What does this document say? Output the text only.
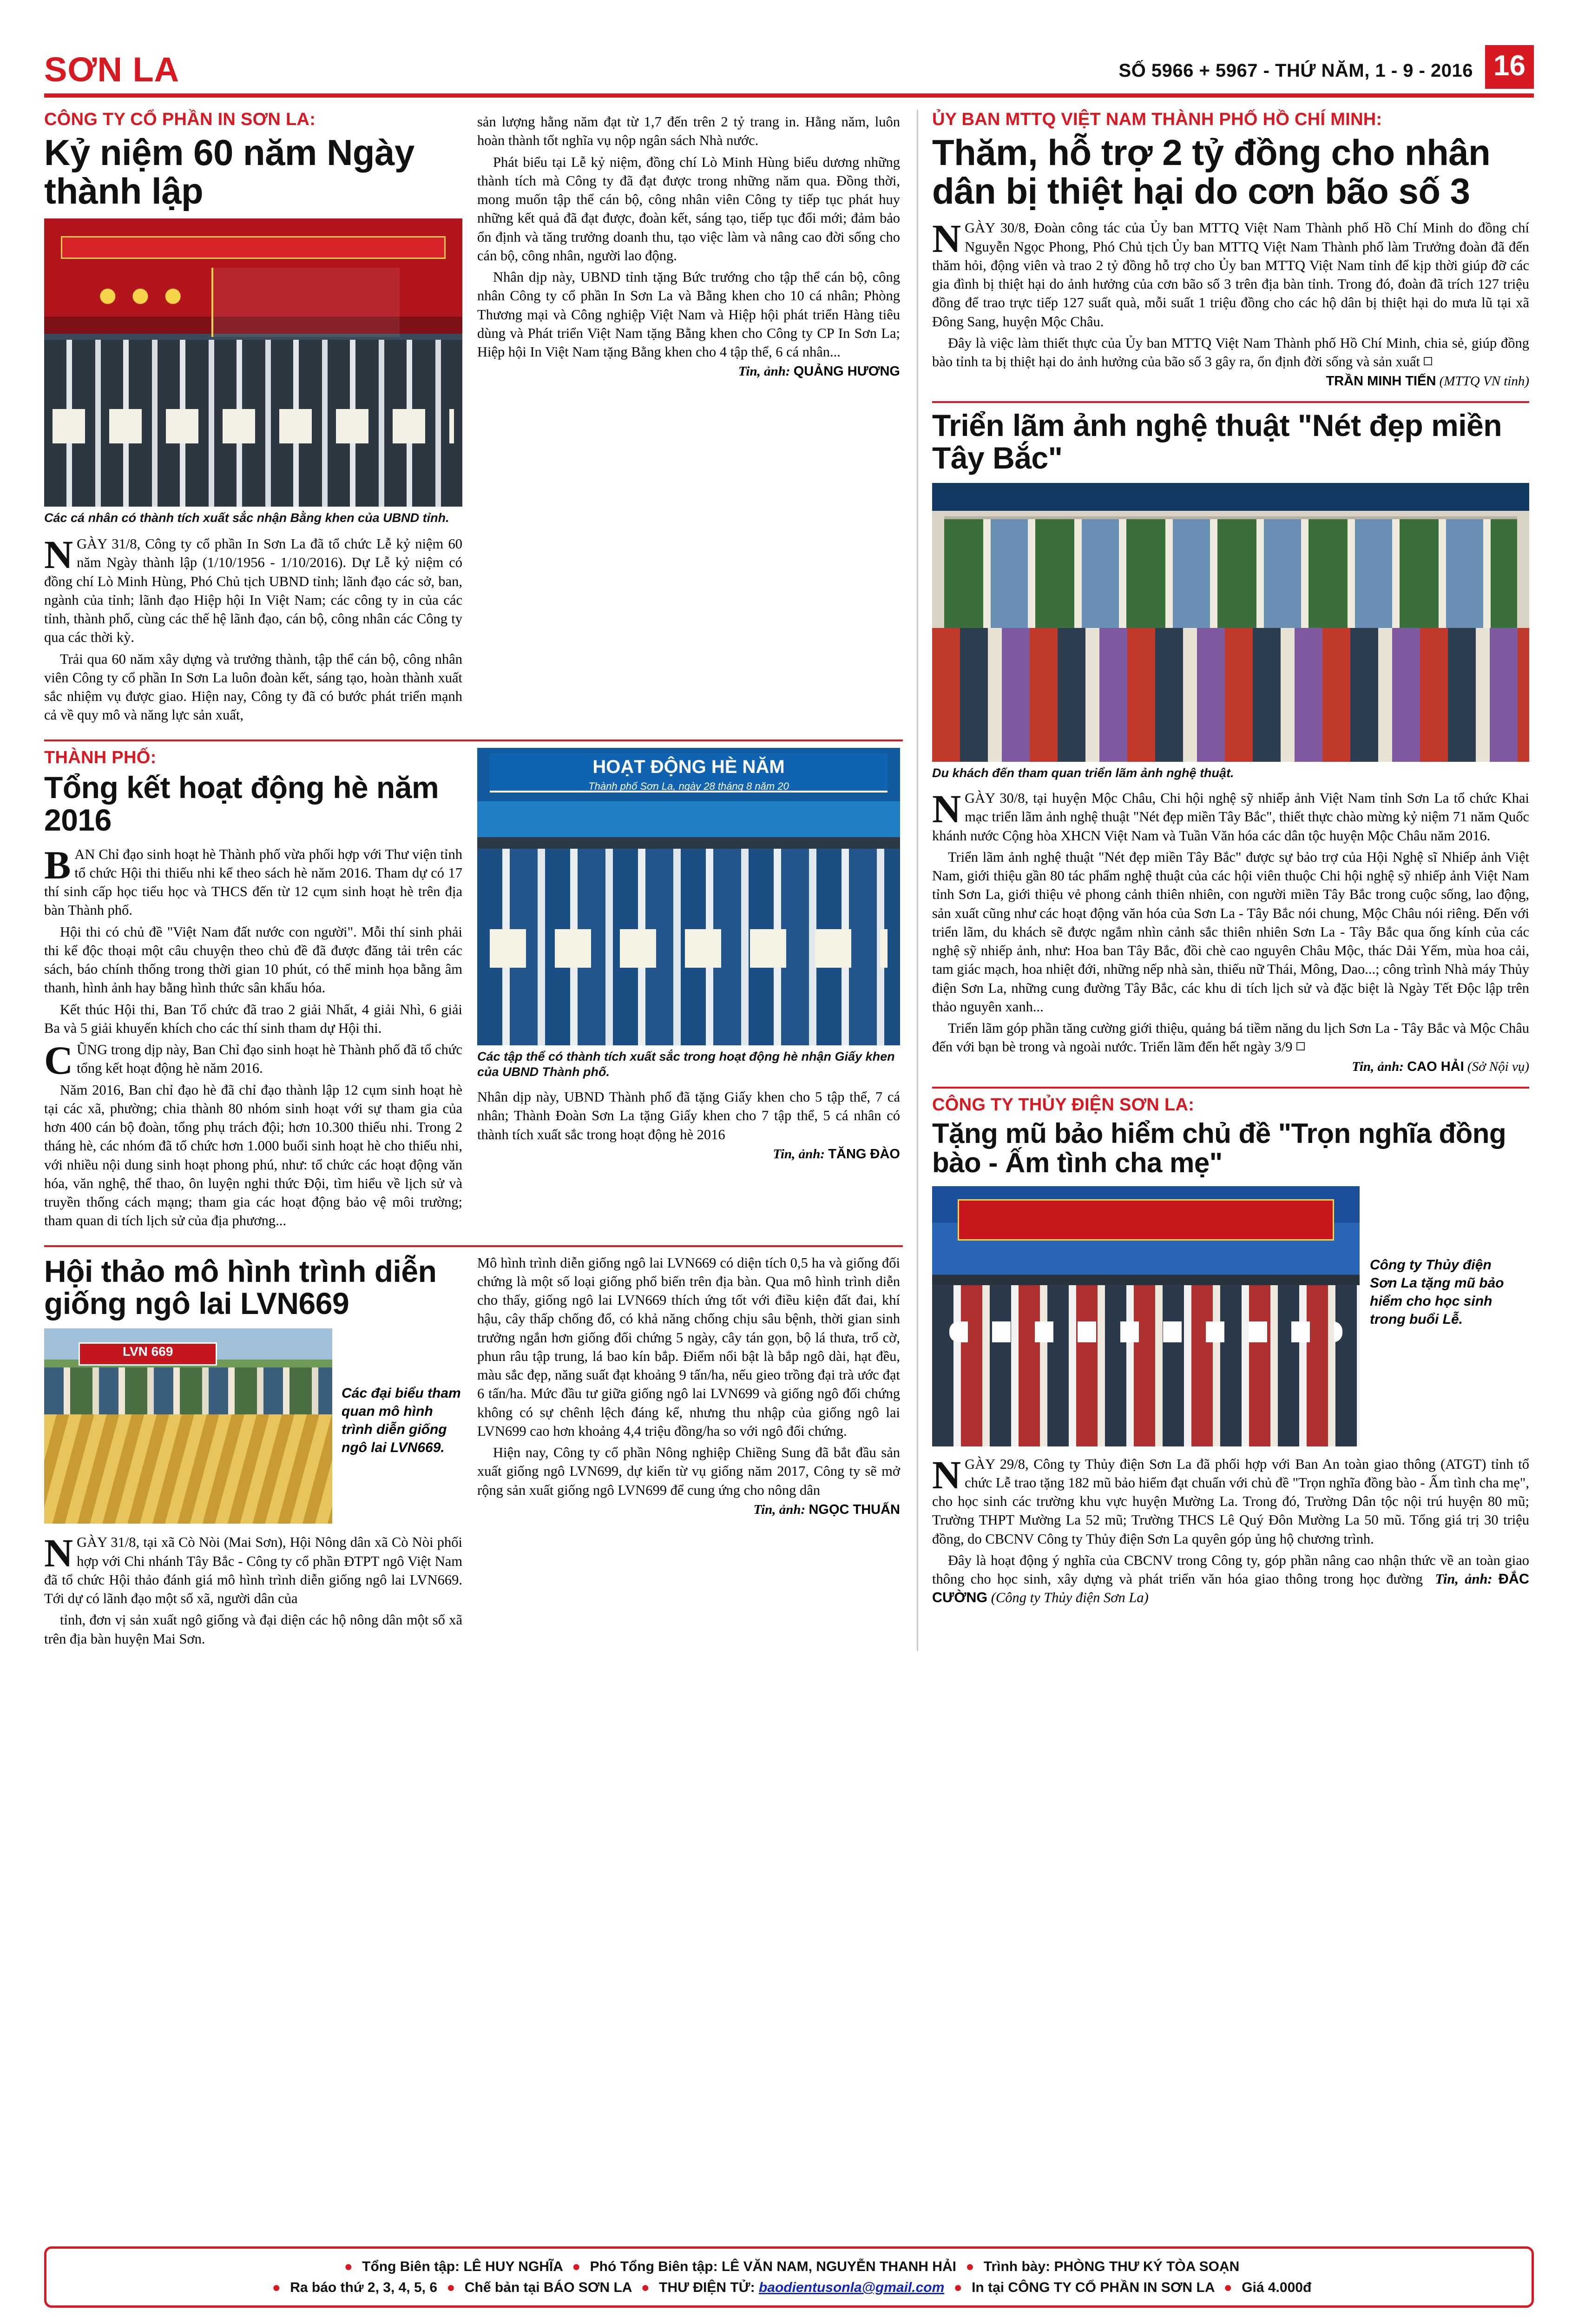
SƠN LA	SỐ 5966 + 5967 - THỨ NĂM, 1 - 9 - 2016 16
CÔNG TY CỔ PHẦN IN SƠN LA:
Kỷ niệm 60 năm Ngày thành lập
Các cá nhân có thành tích xuất sắc nhận Bằng khen của UBND tỉnh.

NGÀY 31/8, Công ty cổ phần In Sơn La đã tổ chức Lễ kỷ niệm 60 năm Ngày thành lập (1/10/1956 - 1/10/2016). Dự Lễ kỷ niệm có đồng chí Lò Minh Hùng, Phó Chủ tịch UBND tỉnh; lãnh đạo các sở, ban, ngành của tỉnh; lãnh đạo Hiệp hội In Việt Nam; các công ty in của các tỉnh, thành phố, cùng các thế hệ lãnh đạo, cán bộ, công nhân các Công ty qua các thời kỳ.

Trải qua 60 năm xây dựng và trưởng thành, tập thể cán bộ, công nhân viên Công ty cổ phần In Sơn La luôn đoàn kết, sáng tạo, hoàn thành xuất sắc nhiệm vụ được giao. Hiện nay, Công ty đã có bước phát triển mạnh cả về quy mô và năng lực sản xuất,

sản lượng hằng năm đạt từ 1,7 đến trên 2 tỷ trang in. Hằng năm, luôn hoàn thành tốt nghĩa vụ nộp ngân sách Nhà nước.

Phát biểu tại Lễ kỷ niệm, đồng chí Lò Minh Hùng biểu dương những thành tích mà Công ty đã đạt được trong những năm qua. Đồng thời, mong muốn tập thể cán bộ, công nhân viên Công ty tiếp tục phát huy những kết quả đã đạt được, đoàn kết, sáng tạo, tiếp tục đổi mới; đảm bảo ổn định và tăng trưởng doanh thu, tạo việc làm và nâng cao đời sống cho cán bộ, công nhân, người lao động.

Nhân dịp này, UBND tỉnh tặng Bức trướng cho tập thể cán bộ, công nhân Công ty cổ phần In Sơn La và Bằng khen cho 10 cá nhân; Phòng Thương mại và Công nghiệp Việt Nam và Hiệp hội phát triển Hàng tiêu dùng và Phát triển Việt Nam tặng Bằng khen cho Công ty CP In Sơn La; Hiệp hội In Việt Nam tặng Bằng khen cho 4 tập thể, 6 cá nhân...

Tin, ảnh: QUẢNG HƯƠNG
THÀNH PHỐ:
Tổng kết hoạt động hè năm 2016

BAN Chỉ đạo sinh hoạt hè Thành phố vừa phối hợp với Thư viện tỉnh tổ chức Hội thi thiếu nhi kể theo sách hè năm 2016. Tham dự có 17 thí sinh cấp học tiểu học và THCS đến từ 12 cụm sinh hoạt hè trên địa bàn Thành phố.

Hội thi có chủ đề "Việt Nam đất nước con người". Mỗi thí sinh phải thi kể độc thoại một câu chuyện theo chủ đề đã được đăng tải trên các sách, báo chính thống trong thời gian 10 phút, có thể minh họa bằng âm thanh, hình ảnh hay bằng hình thức sân khấu hóa.

Kết thúc Hội thi, Ban Tổ chức đã trao 2 giải Nhất, 4 giải Nhì, 6 giải Ba và 5 giải khuyến khích cho các thí sinh tham dự Hội thi.

CŨNG trong dịp này, Ban Chỉ đạo sinh hoạt hè Thành phố đã tổ chức tổng kết hoạt động hè năm 2016.

Năm 2016, Ban chỉ đạo hè đã chỉ đạo thành lập 12 cụm sinh hoạt hè tại các xã, phường; chia thành 80 nhóm sinh hoạt với sự tham gia của hơn 400 cán bộ đoàn, tổng phụ trách đội; hơn 10.300 thiếu nhi. Trong 2 tháng hè, các nhóm đã tổ chức hơn 1.000 buổi sinh hoạt hè cho thiếu nhi, với nhiều nội dung sinh hoạt phong phú, như: tổ chức các hoạt động văn hóa, văn nghệ, thể thao, ôn luyện nghi thức Đội, tìm hiểu về lịch sử và truyền thống cách mạng; tham gia các hoạt động bảo vệ môi trường; tham quan di tích lịch sử của địa phương...

HOẠT ĐỘNG HÈ NĂM
Thành phố Sơn La, ngày 28 tháng 8 năm 20
Các tập thể có thành tích xuất sắc trong hoạt động hè nhận Giấy khen của UBND Thành phố.

Nhân dịp này, UBND Thành phố đã tặng Giấy khen cho 5 tập thể, 7 cá nhân; Thành Đoàn Sơn La tặng Giấy khen cho 7 tập thể, 5 cá nhân có thành tích xuất sắc trong hoạt động hè 2016

Tin, ảnh: TĂNG ĐÀO
Hội thảo mô hình trình diễn giống ngô lai LVN669
LVN 669
Các đại biểu tham quan mô hình trình diễn giống ngô lai LVN669.

NGÀY 31/8, tại xã Cò Nòi (Mai Sơn), Hội Nông dân xã Cò Nòi phối hợp với Chi nhánh Tây Bắc - Công ty cổ phần ĐTPT ngô Việt Nam đã tổ chức Hội thảo đánh giá mô hình trình diễn giống ngô lai LVN669. Tới dự có lãnh đạo một số xã, người dân của

tỉnh, đơn vị sản xuất ngô giống và đại diện các hộ nông dân một số xã trên địa bàn huyện Mai Sơn.

Mô hình trình diễn giống ngô lai LVN669 có diện tích 0,5 ha và giống đối chứng là một số loại giống phổ biến trên địa bàn. Qua mô hình trình diễn cho thấy, giống ngô lai LVN669 thích ứng tốt với điều kiện đất đai, khí hậu, cây thấp chống đổ, có khả năng chống chịu sâu bệnh, thời gian sinh trưởng ngắn hơn giống đối chứng 5 ngày, cây tán gọn, bộ lá thưa, trổ cờ, phun râu tập trung, lá bao kín bắp. Điểm nổi bật là bắp ngô dài, hạt đều, màu sắc đẹp, năng suất đạt khoảng 9 tấn/ha, nếu gieo trồng đại trà ước đạt 6 tấn/ha. Mức đầu tư giữa giống ngô lai LVN699 và giống ngô đối chứng không có sự chênh lệch đáng kể, nhưng thu nhập của giống ngô lai LVN699 cao hơn khoảng 4,4 triệu đồng/ha so với ngô đối chứng.

Hiện nay, Công ty cổ phần Nông nghiệp Chiềng Sung đã bắt đầu sản xuất giống ngô LVN699, dự kiến từ vụ giống năm 2017, Công ty sẽ mở rộng sản xuất giống ngô LVN699 để cung ứng cho nông dân

Tin, ảnh: NGỌC THUẤN
ỦY BAN MTTQ VIỆT NAM THÀNH PHỐ HỒ CHÍ MINH:
Thăm, hỗ trợ 2 tỷ đồng cho nhân dân bị thiệt hại do cơn bão số 3

NGÀY 30/8, Đoàn công tác của Ủy ban MTTQ Việt Nam Thành phố Hồ Chí Minh do đồng chí Nguyễn Ngọc Phong, Phó Chủ tịch Ủy ban MTTQ Việt Nam Thành phố làm Trưởng đoàn đã đến thăm hỏi, động viên và trao 2 tỷ đồng hỗ trợ cho Ủy ban MTTQ Việt Nam tỉnh để kịp thời giúp đỡ các gia đình bị thiệt hại do ảnh hưởng của cơn bão số 3 trên địa bàn tỉnh. Trong đó, đoàn đã trích 127 triệu đồng để trao trực tiếp 127 suất quà, mỗi suất 1 triệu đồng cho các hộ dân bị thiệt hại do mưa lũ tại xã Đông Sang, huyện Mộc Châu.

Đây là việc làm thiết thực của Ủy ban MTTQ Việt Nam Thành phố Hồ Chí Minh, chia sẻ, giúp đồng bào tỉnh ta bị thiệt hại do ảnh hưởng của bão số 3 gây ra, ổn định đời sống và sản xuất

TRẦN MINH TIẾN (MTTQ VN tỉnh)
Triển lãm ảnh nghệ thuật "Nét đẹp miền Tây Bắc"
Du khách đến tham quan triển lãm ảnh nghệ thuật.

NGÀY 30/8, tại huyện Mộc Châu, Chi hội nghệ sỹ nhiếp ảnh Việt Nam tỉnh Sơn La tổ chức Khai mạc triển lãm ảnh nghệ thuật "Nét đẹp miền Tây Bắc", thiết thực chào mừng kỷ niệm 71 năm Quốc khánh nước Cộng hòa XHCN Việt Nam và Tuần Văn hóa các dân tộc huyện Mộc Châu năm 2016.

Triển lãm ảnh nghệ thuật "Nét đẹp miền Tây Bắc" được sự bảo trợ của Hội Nghệ sĩ Nhiếp ảnh Việt Nam, giới thiệu gần 80 tác phẩm nghệ thuật của các hội viên thuộc Chi hội nghệ sỹ nhiếp ảnh Việt Nam tỉnh Sơn La, giới thiệu vẻ phong cảnh thiên nhiên, con người miền Tây Bắc trong cuộc sống, lao động, sản xuất cũng như các hoạt động văn hóa của Sơn La - Tây Bắc nói chung, Mộc Châu nói riêng. Đến với triển lãm, du khách sẽ được ngắm nhìn cảnh sắc thiên nhiên Sơn La - Tây Bắc qua ống kính của các nghệ sỹ nhiếp ảnh, như: Hoa ban Tây Bắc, đồi chè cao nguyên Châu Mộc, thác Dải Yếm, mùa hoa cải, tam giác mạch, hoa nhiệt đới, những nếp nhà sàn, thiếu nữ Thái, Mông, Dao...; công trình Nhà máy Thủy điện Sơn La, những cung đường Tây Bắc, các khu di tích lịch sử và đặc biệt là Ngày Tết Độc lập trên thảo nguyên xanh...

Triển lãm góp phần tăng cường giới thiệu, quảng bá tiềm năng du lịch Sơn La - Tây Bắc và Mộc Châu đến với bạn bè trong và ngoài nước. Triển lãm đến hết ngày 3/9

Tin, ảnh: CAO HẢI (Sở Nội vụ)
CÔNG TY THỦY ĐIỆN SƠN LA:
Tặng mũ bảo hiểm chủ đề "Trọn nghĩa đồng bào - Ấm tình cha mẹ"
Công ty Thủy điện Sơn La tặng mũ bảo hiểm cho học sinh trong buổi Lễ.

NGÀY 29/8, Công ty Thủy điện Sơn La đã phối hợp với Ban An toàn giao thông (ATGT) tỉnh tổ chức Lễ trao tặng 182 mũ bảo hiểm đạt chuẩn với chủ đề "Trọn nghĩa đồng bào - Ấm tình cha mẹ", cho học sinh các trường khu vực huyện Mường La. Trong đó, Trường Dân tộc nội trú huyện 80 mũ; Trường THPT Mường La 52 mũ; Trường THCS Lê Quý Đôn Mường La 50 mũ. Tổng giá trị 30 triệu đồng, do CBCNV Công ty Thủy điện Sơn La quyên góp ủng hộ chương trình.

Đây là hoạt động ý nghĩa của CBCNV trong Công ty, góp phần nâng cao nhận thức về an toàn giao thông cho học sinh, xây dựng và phát triển văn hóa giao thông trong học đường Tin, ảnh: ĐẮC CƯỜNG (Công ty Thủy điện Sơn La)

● Tổng Biên tập: LÊ HUY NGHĨA ● Phó Tổng Biên tập: LÊ VĂN NAM, NGUYỄN THANH HẢI ● Trình bày: PHÒNG THƯ KÝ TÒA SOẠN
● Ra báo thứ 2, 3, 4, 5, 6 ● Chế bản tại BÁO SƠN LA ● THƯ ĐIỆN TỬ: baodientusonla@gmail.com ● In tại CÔNG TY CỔ PHẦN IN SƠN LA ● Giá 4.000đ
